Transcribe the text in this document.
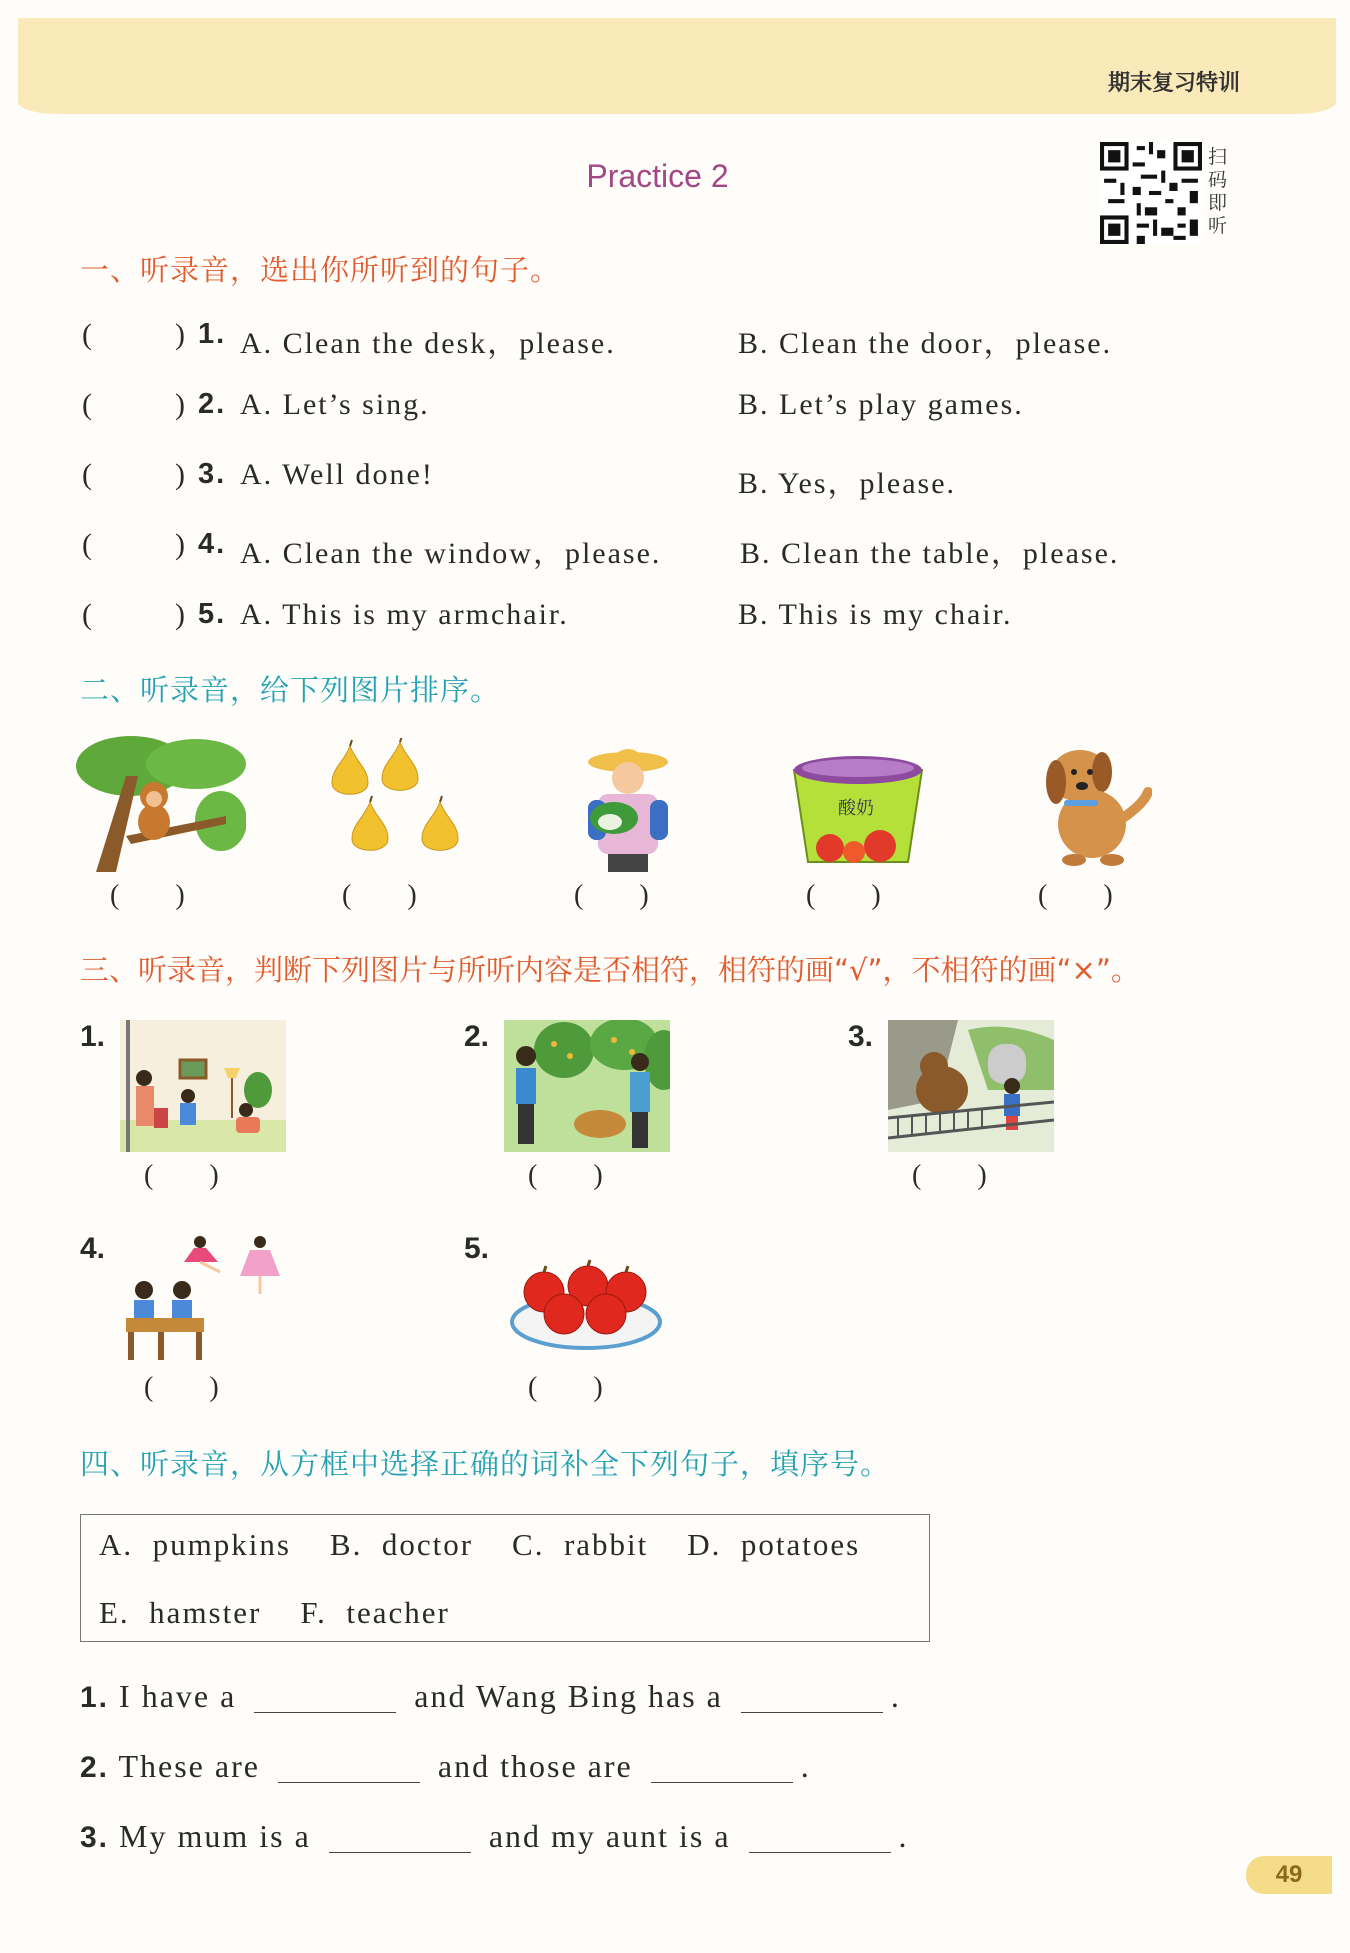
期末复习特训
Practice 2
扫码即听
一、听录音，选出你所听到的句子。
(	) 1. A. Clean the desk，please.	B. Clean the door，please.
(	) 2. A. Let’s sing.	B. Let’s play games.
(	) 3. A. Well done!	B. Yes，please.
(	) 4. A. Clean the window，please.	B. Clean the table，please.
(	) 5. A. This is my armchair.	B. This is my chair.
二、听录音，给下列图片排序。
(        )	(        )	(        )
酸奶
(        )	(        )
三、听录音，判断下列图片与所听内容是否相符，相符的画“√”，不相符的画“×”。
1.
(        )
2.
(        )
3.
(        )
4.
(        )
5.
(        )
四、听录音，从方框中选择正确的词补全下列句子，填序号。
A.  pumpkins    B.  doctor    C.  rabbit    D.  potatoes
E.  hamster    F.  teacher
1. I have a	and Wang Bing has a	.
2. These are	and those are	.
3. My mum is a	and my aunt is a	.
49
